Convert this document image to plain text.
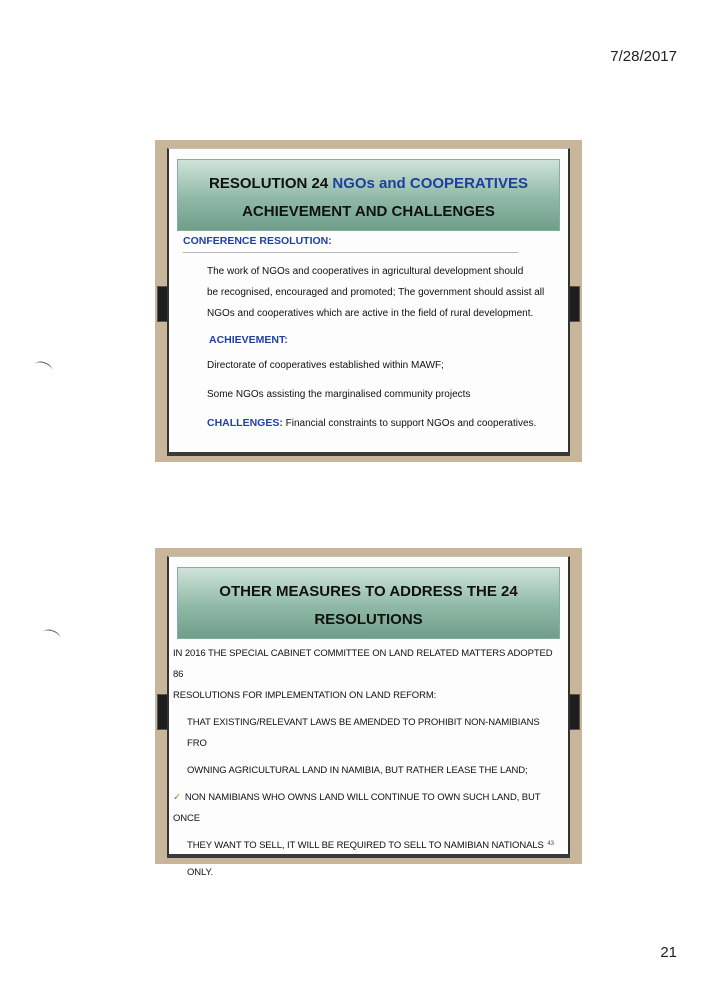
7/28/2017
RESOLUTION 24 NGOs and COOPERATIVES
ACHIEVEMENT AND CHALLENGES
CONFERENCE RESOLUTION:
The work of NGOs and cooperatives in agricultural development should
be recognised, encouraged and promoted; The government should assist all
NGOs and cooperatives which are active in the field of rural development.
ACHIEVEMENT:
Directorate of cooperatives established within MAWF;
Some NGOs assisting the marginalised community projects
CHALLENGES: Financial constraints to support NGOs and cooperatives.
OTHER MEASURES TO ADDRESS THE 24
RESOLUTIONS
IN 2016 THE SPECIAL CABINET COMMITTEE ON LAND RELATED MATTERS ADOPTED 86
RESOLUTIONS FOR IMPLEMENTATION ON LAND REFORM:
THAT EXISTING/RELEVANT LAWS BE AMENDED TO PROHIBIT NON-NAMIBIANS FRO
OWNING AGRICULTURAL LAND IN NAMIBIA, BUT RATHER LEASE THE LAND;
✓ NON NAMIBIANS WHO OWNS LAND WILL CONTINUE TO OWN SUCH LAND, BUT ONCE
THEY WANT TO SELL, IT WILL BE REQUIRED TO SELL TO NAMIBIAN NATIONALS
ONLY.
43
21
